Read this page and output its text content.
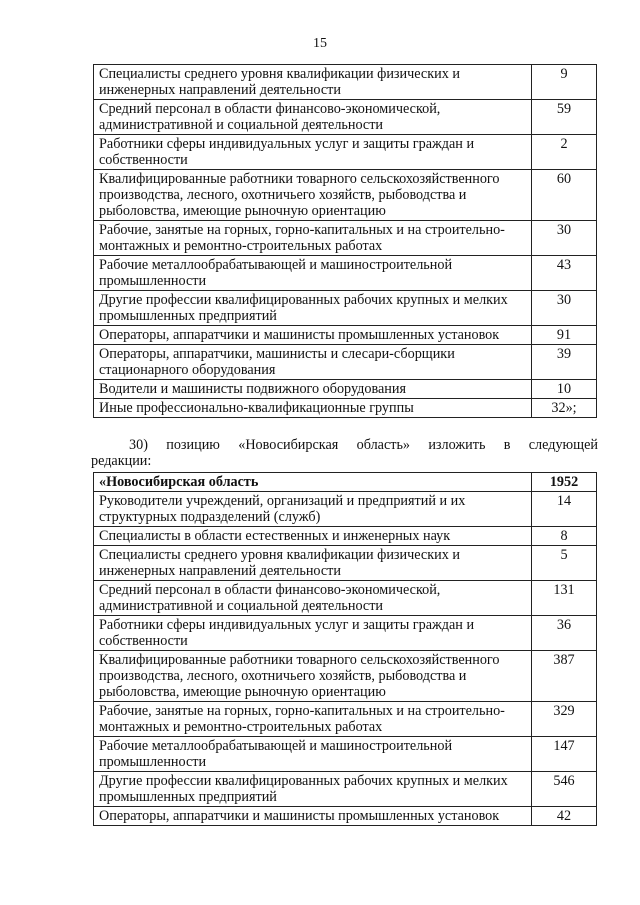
15
Специалисты среднего уровня квалификации физических и инженерных направлений деятельности	9
Средний персонал в области финансово-экономической, административной и социальной деятельности	59
Работники сферы индивидуальных услуг и защиты граждан и собственности	2
Квалифицированные работники товарного сельскохозяйственного производства, лесного, охотничьего хозяйств, рыбоводства и рыболовства, имеющие рыночную ориентацию	60
Рабочие, занятые на горных, горно-капитальных и на строительно-монтажных и ремонтно-строительных работах	30
Рабочие металлообрабатывающей и машиностроительной промышленности	43
Другие профессии квалифицированных рабочих крупных и мелких промышленных предприятий	30
Операторы, аппаратчики и машинисты промышленных установок	91
Операторы, аппаратчики, машинисты и слесари-сборщики стационарного оборудования	39
Водители и машинисты подвижного оборудования	10
Иные профессионально-квалификационные группы	32»;
30) позицию «Новосибирская область» изложить в следующей
редакции:
«Новосибирская область	1952
Руководители учреждений, организаций и предприятий и их структурных подразделений (служб)	14
Специалисты в области естественных и инженерных наук	8
Специалисты среднего уровня квалификации физических и инженерных направлений деятельности	5
Средний персонал в области финансово-экономической, административной и социальной деятельности	131
Работники сферы индивидуальных услуг и защиты граждан и собственности	36
Квалифицированные работники товарного сельскохозяйственного производства, лесного, охотничьего хозяйств, рыбоводства и рыболовства, имеющие рыночную ориентацию	387
Рабочие, занятые на горных, горно-капитальных и на строительно-монтажных и ремонтно-строительных работах	329
Рабочие металлообрабатывающей и машиностроительной промышленности	147
Другие профессии квалифицированных рабочих крупных и мелких промышленных предприятий	546
Операторы, аппаратчики и машинисты промышленных установок	42
